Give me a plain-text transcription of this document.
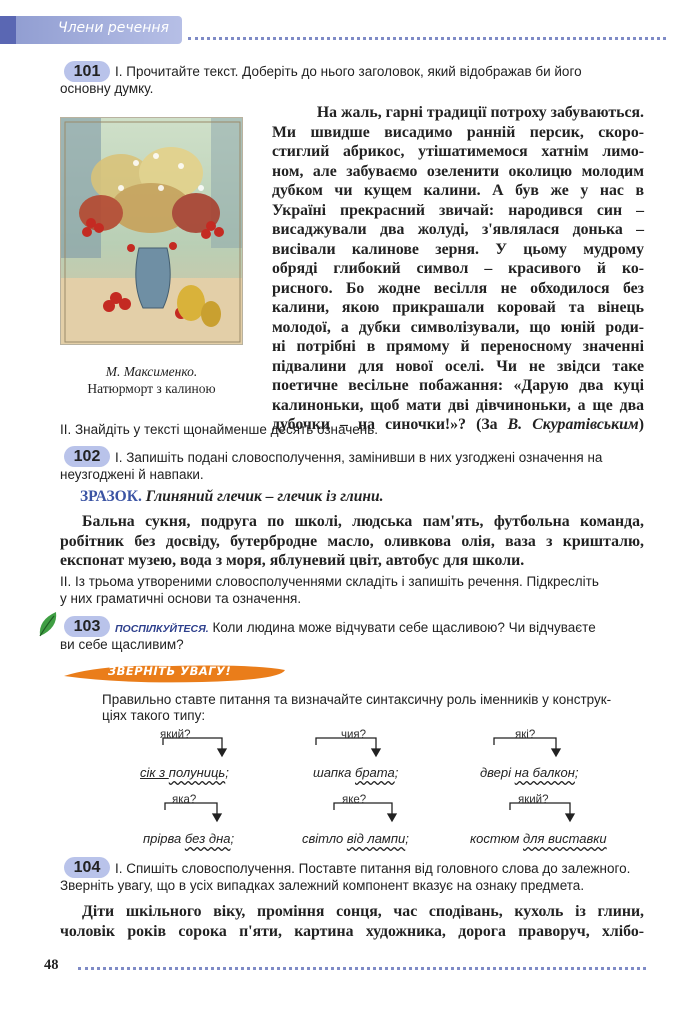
Члени речення
101	I. Прочитайте текст. Доберіть до нього заголовок, який відображав би його
основну думку.
М. Максименко.
Натюрморт з калиною
На жаль, гарні традиції потроху забуваються.
Ми швидше висадимо ранній персик, скоро-
стиглий абрикос, утішатимемося хатнім лимо-
ном, але забуваємо озеленити околицю молодим
дубком чи кущем калини. А був же у нас в
Україні прекрасний звичай: народився син –
висаджували два жолуді, з'являлася донька –
висівали калинове зерня. У цьому мудрому
обряді глибокий символ – красивого й ко-
рисного. Бо жодне весілля не обходилося без
калини, якою прикрашали коровай та вінець
молодої, а дубки символізували, що юній роди-
ні потрібні в прямому й переносному значенні
підвалини для нової оселі. Чи не звідси таке
поетичне весільне побажання: «Дарую два куці
калиноньки, щоб мати дві дівчиноньки, а ще два
дубочки – на синочки!»? (За В. Скуратівським)
II. Знайдіть у тексті щонайменше десять означень.
102	I. Запишіть подані словосполучення, замінивши в них узгоджені означення на
неузгоджені й навпаки.
ЗРАЗОК. Глиняний глечик – глечик із глини.
Бальна сукня, подруга по школі, людська пам'ять, футбольна команда,
робітник без досвіду, бутербродне масло, оливкова олія, ваза з кришталю,
експонат музею, вода з моря, яблуневий цвіт, автобус для школи.
II. Із трьома утвореними словосполученнями складіть і запишіть речення. Підкресліть
у них граматичні основи та означення.
103	ПОСПІЛКУЙТЕСЯ. Коли людина може відчувати себе щасливою? Чи відчуваєте
ви себе щасливим?
ЗВЕРНІТЬ УВАГУ!
Правильно ставте питання та визначайте синтаксичну роль іменників у конструк-
ціях такого типу:
який?
сік з полуниць;
чия?
шапка брата;
які?
двері на балкон;
яка?
прірва без дна;
яке?
світло від лампи;
який?
костюм для виставки
104	I. Спишіть словосполучення. Поставте питання від головного слова до залежного.
Зверніть увагу, що в усіх випадках залежний компонент вказує на ознаку предмета.
Діти шкільного віку, проміння сонця, час сподівань, кухоль із глини,
чоловік років сорока п'яти, картина художника, дорога праворуч, хлібо-
48
